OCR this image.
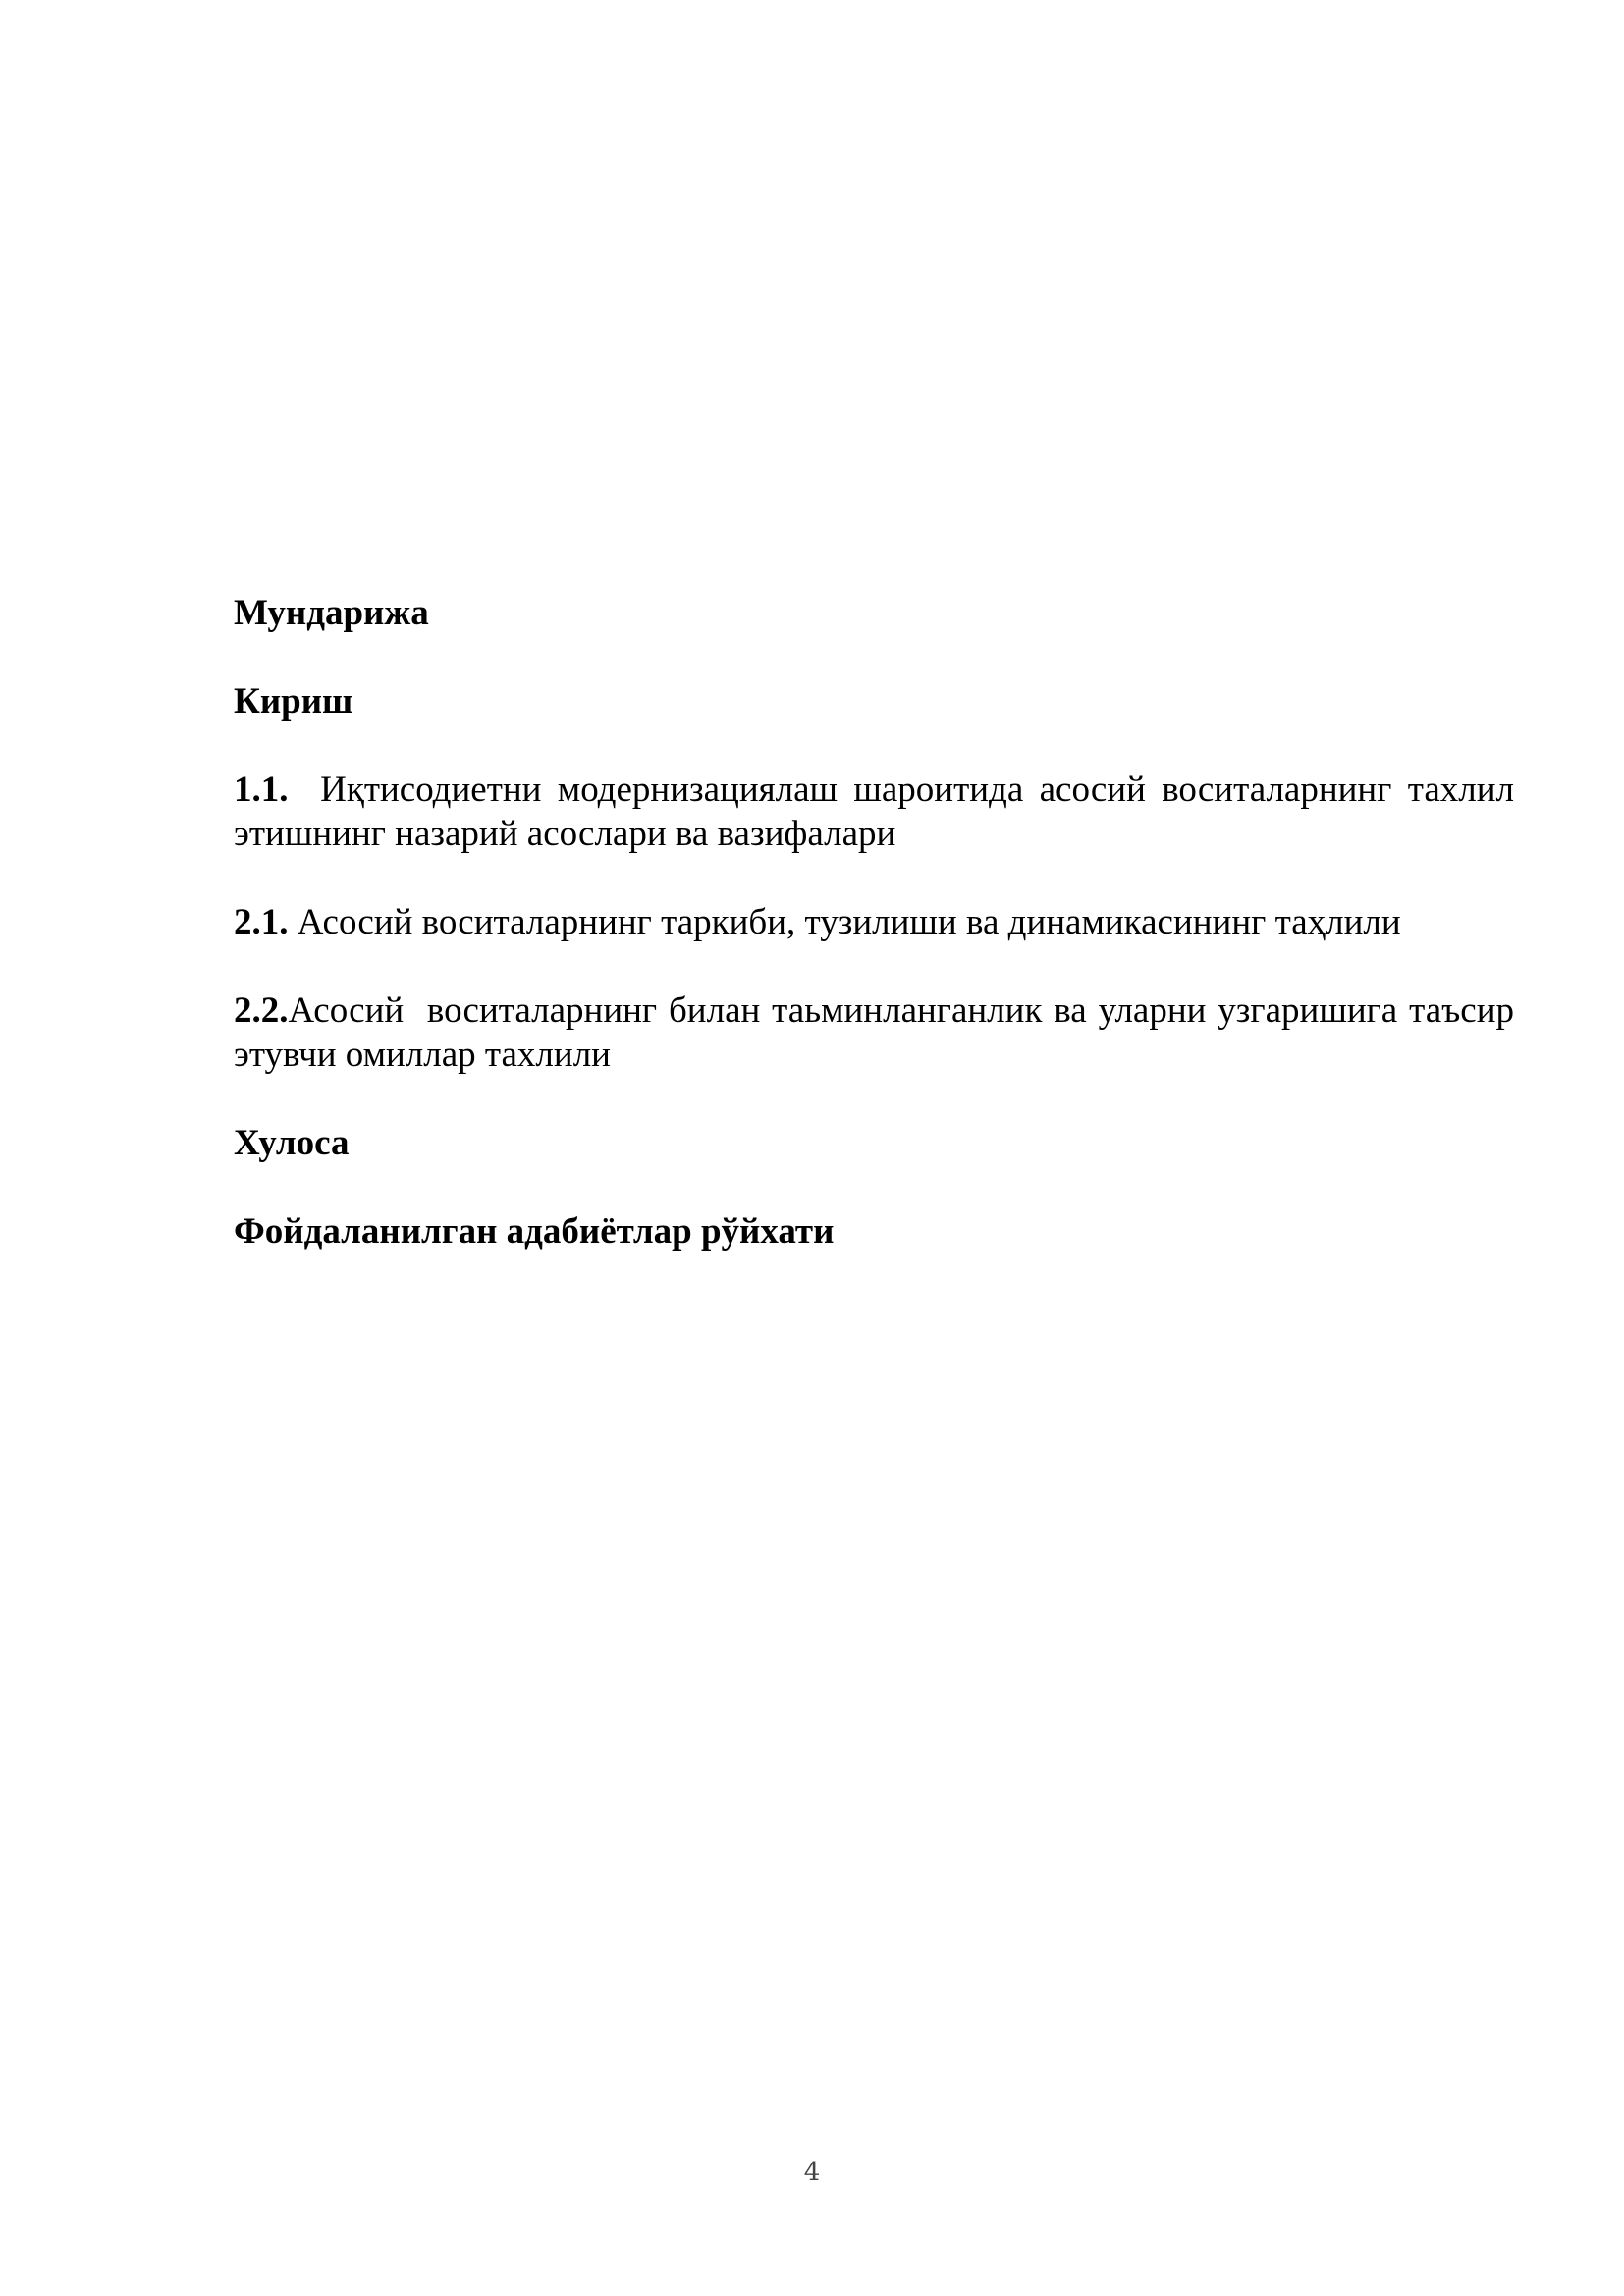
Мундарижа

Кириш

1.1. Иқтисодиетни модернизациялаш шароитида асосий воситаларнинг тахлил этишнинг назарий асослари ва вазифалари

2.1. Асосий воситаларнинг таркиби, тузилиши ва динамикасининг таҳлили

2.2.Асосий  воситаларнинг билан таьминланганлик ва уларни узгаришига таъсир этувчи омиллар тахлили

Хулоса

Фойдаланилган адабиётлар рўйхати

4
